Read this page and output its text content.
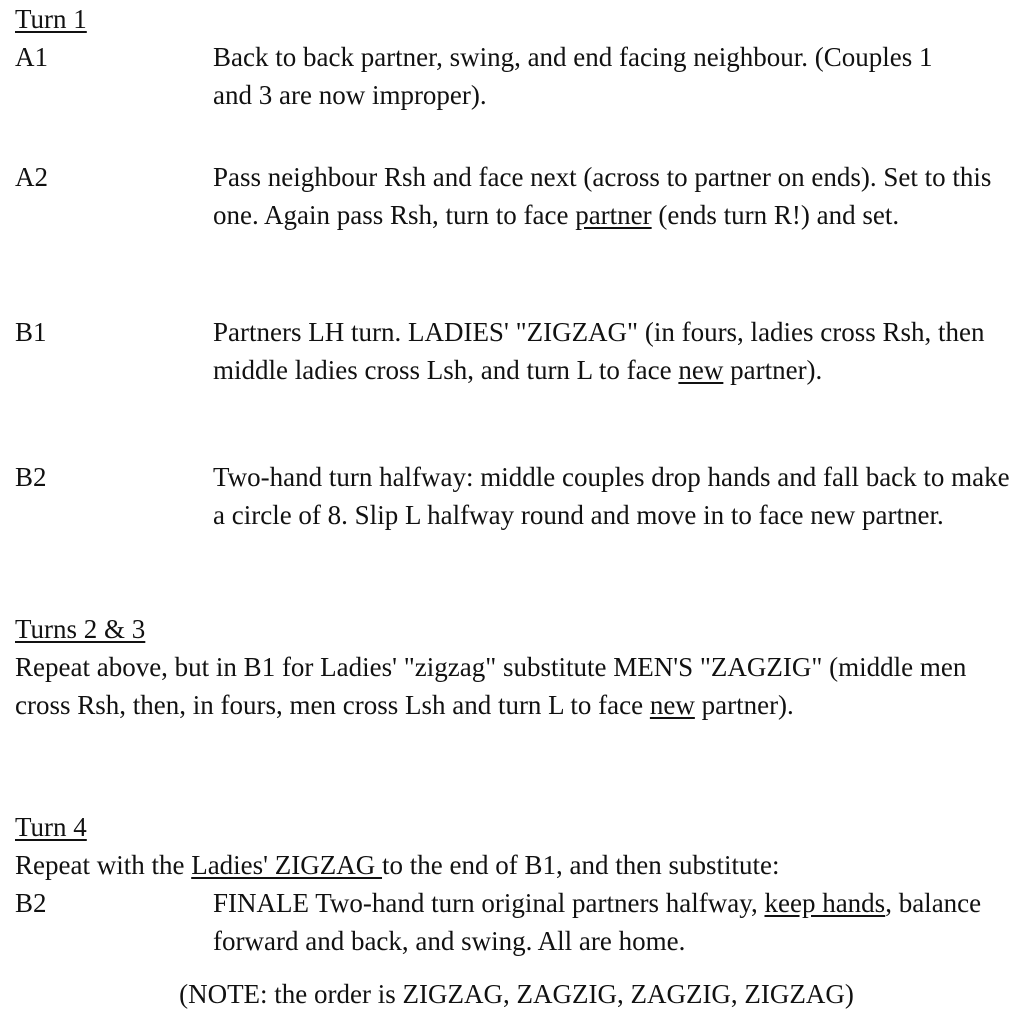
Turn 1
A1	Back to back partner, swing, and end facing neighbour. (Couples 1 and 3 are now improper).
A2	Pass neighbour Rsh and face next (across to partner on ends). Set to this one. Again pass Rsh, turn to face partner (ends turn R!) and set.
B1	Partners LH turn. LADIES' "ZIGZAG" (in fours, ladies cross Rsh, then middle ladies cross Lsh, and turn L to face new partner).
B2	Two-hand turn halfway: middle couples drop hands and fall back to make a circle of 8. Slip L halfway round and move in to face new partner.
Turns 2 & 3
Repeat above, but in B1 for Ladies' "zigzag" substitute MEN'S "ZAGZIG" (middle men cross Rsh, then, in fours, men cross Lsh and turn L to face new partner).
Turn 4
Repeat with the Ladies' ZIGZAG to the end of B1, and then substitute:
B2	FINALE Two-hand turn original partners halfway, keep hands, balance forward and back, and swing. All are home.
(NOTE: the order is ZIGZAG, ZAGZIG, ZAGZIG, ZIGZAG)
